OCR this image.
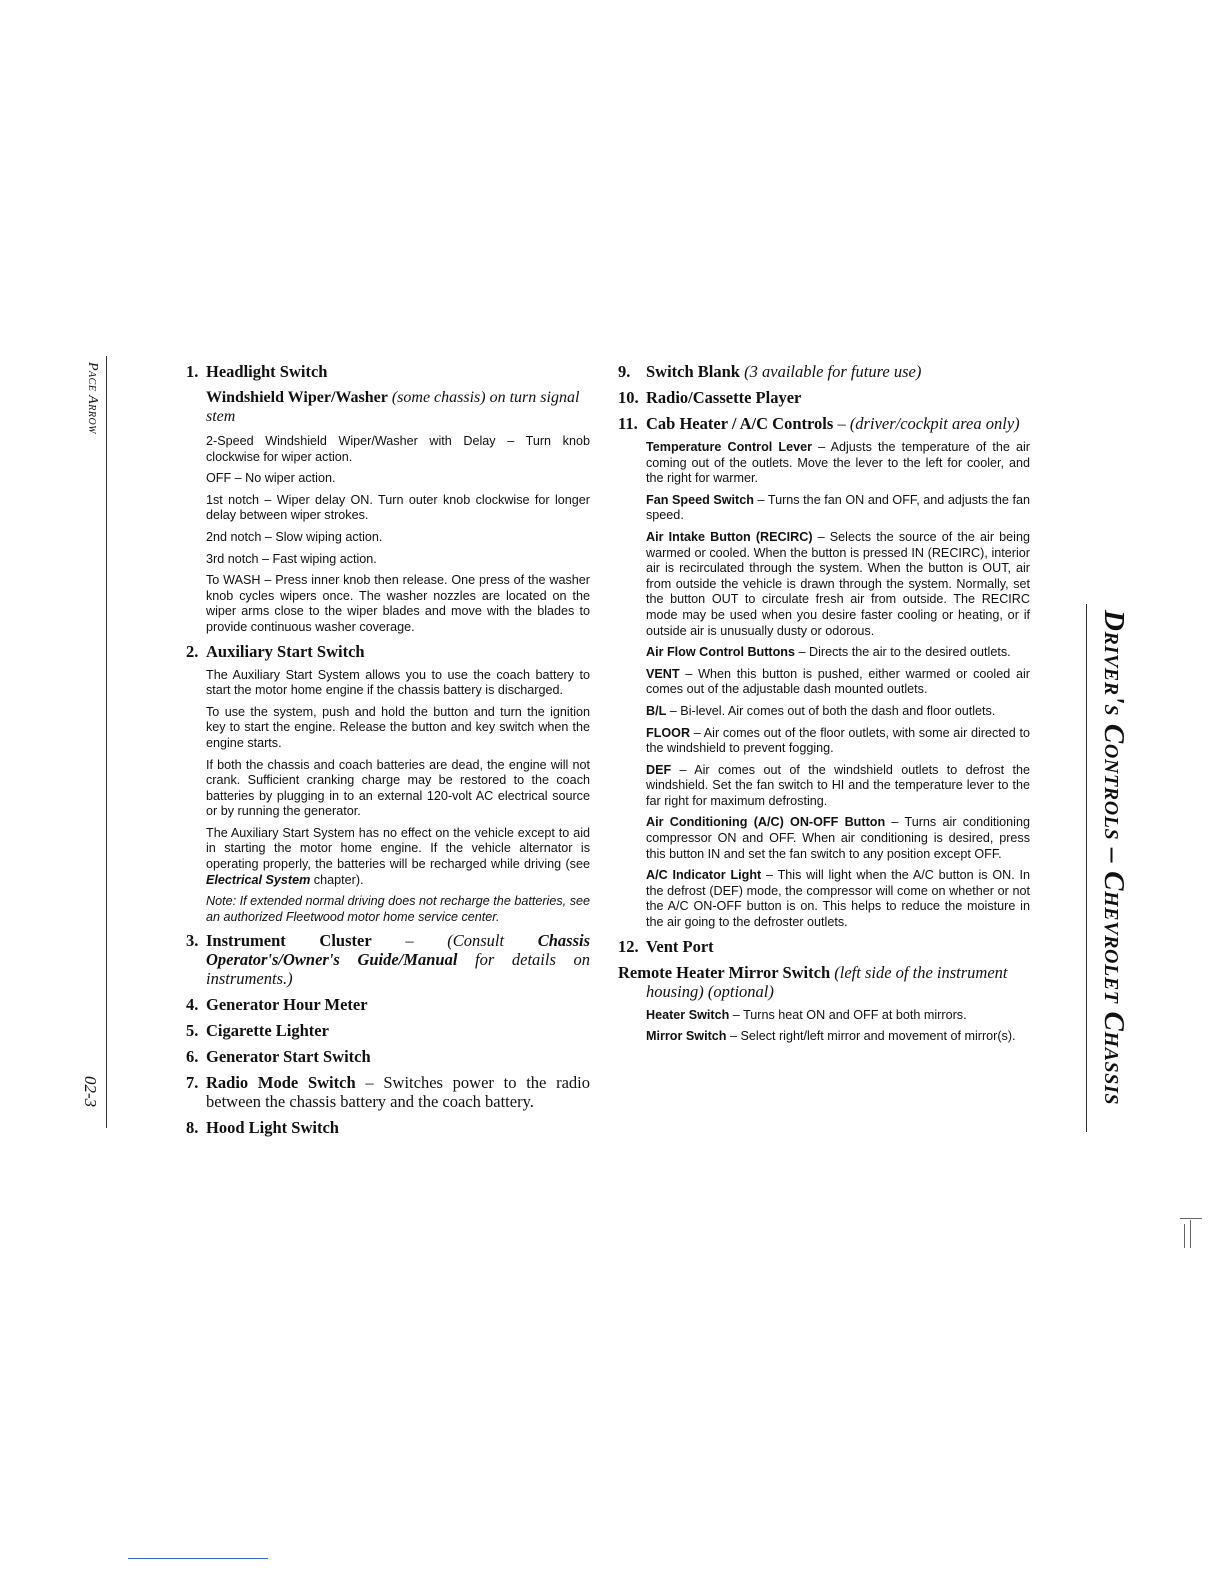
Pace Arrow
02-3	Driver's Controls – Chevrolet Chassis
1. Headlight Switch
Windshield Wiper/Washer (some chassis) on turn signal stem

2-Speed Windshield Wiper/Washer with Delay – Turn knob clockwise for wiper action.

OFF – No wiper action.

1st notch – Wiper delay ON. Turn outer knob clockwise for longer delay between wiper strokes.

2nd notch – Slow wiping action.

3rd notch – Fast wiping action.

To WASH – Press inner knob then release. One press of the washer knob cycles wipers once. The washer nozzles are located on the wiper arms close to the wiper blades and move with the blades to provide continuous washer coverage.

2. Auxiliary Start Switch

The Auxiliary Start System allows you to use the coach battery to start the motor home engine if the chassis battery is discharged.

To use the system, push and hold the button and turn the ignition key to start the engine. Release the button and key switch when the engine starts.

If both the chassis and coach batteries are dead, the engine will not crank. Sufficient cranking charge may be restored to the coach batteries by plugging in to an external 120-volt AC electrical source or by running the generator.

The Auxiliary Start System has no effect on the vehicle except to aid in starting the motor home engine. If the vehicle alternator is operating properly, the batteries will be recharged while driving (see Electrical System chapter).

Note: If extended normal driving does not recharge the batteries, see an authorized Fleetwood motor home service center.

3. Instrument Cluster – (Consult Chassis Operator's/Owner's Guide/Manual for details on instruments.)
4. Generator Hour Meter
5. Cigarette Lighter
6. Generator Start Switch
7. Radio Mode Switch – Switches power to the radio between the chassis battery and the coach battery.
8. Hood Light Switch
9. Switch Blank (3 available for future use)
10. Radio/Cassette Player
11. Cab Heater / A/C Controls – (driver/cockpit area only)

Temperature Control Lever – Adjusts the temperature of the air coming out of the outlets. Move the lever to the left for cooler, and the right for warmer.

Fan Speed Switch – Turns the fan ON and OFF, and adjusts the fan speed.

Air Intake Button (RECIRC) – Selects the source of the air being warmed or cooled. When the button is pressed IN (RECIRC), interior air is recirculated through the system. When the button is OUT, air from outside the vehicle is drawn through the system. Normally, set the button OUT to circulate fresh air from outside. The RECIRC mode may be used when you desire faster cooling or heating, or if outside air is unusually dusty or odorous.

Air Flow Control Buttons – Directs the air to the desired outlets.

VENT – When this button is pushed, either warmed or cooled air comes out of the adjustable dash mounted outlets.

B/L – Bi-level. Air comes out of both the dash and floor outlets.

FLOOR – Air comes out of the floor outlets, with some air directed to the windshield to prevent fogging.

DEF – Air comes out of the windshield outlets to defrost the windshield. Set the fan switch to HI and the temperature lever to the far right for maximum defrosting.

Air Conditioning (A/C) ON-OFF Button – Turns air conditioning compressor ON and OFF. When air conditioning is desired, press this button IN and set the fan switch to any position except OFF.

A/C Indicator Light – This will light when the A/C button is ON. In the defrost (DEF) mode, the compressor will come on whether or not the A/C ON-OFF button is on. This helps to reduce the moisture in the air going to the defroster outlets.

12. Vent Port
Remote Heater Mirror Switch (left side of the instrument housing) (optional)

Heater Switch – Turns heat ON and OFF at both mirrors.

Mirror Switch – Select right/left mirror and movement of mirror(s).
